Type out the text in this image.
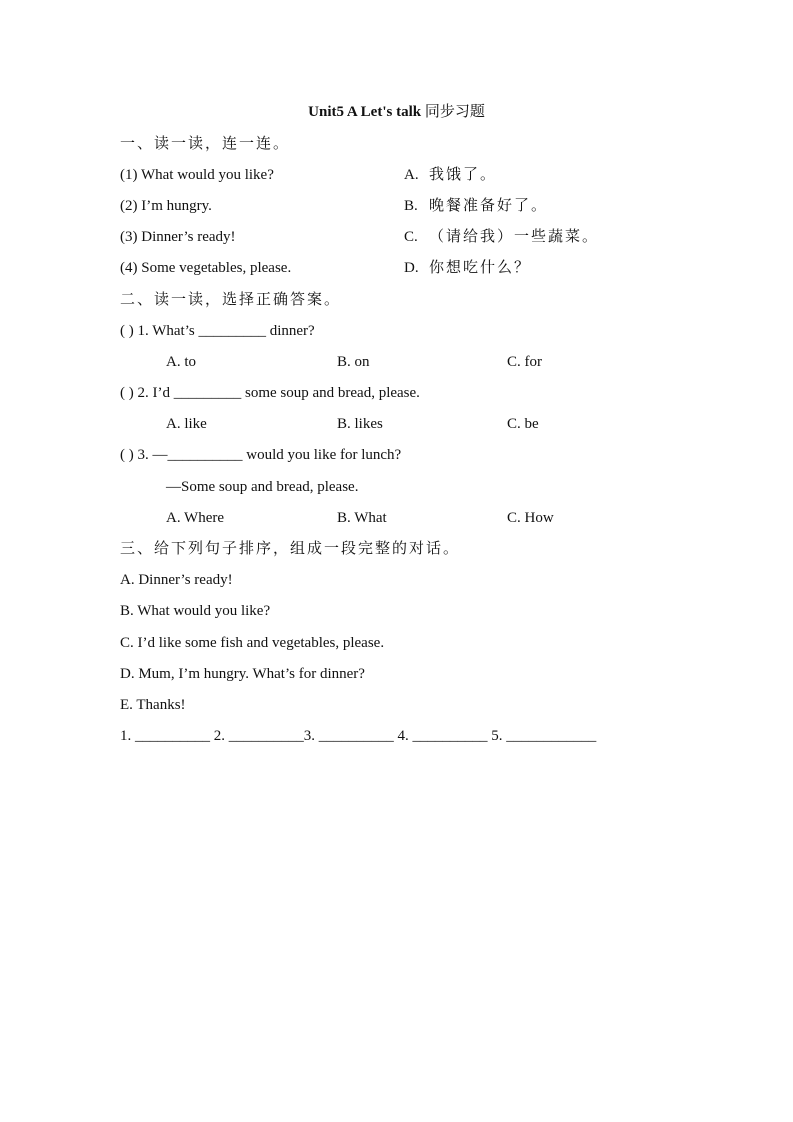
Unit5 A Let's talk 同步习题
一、读一读，连一连。
(1) What would you like?	A. 我饿了。
(2) I’m hungry.	B. 晚餐准备好了。
(3) Dinner’s ready!	C. （请给我）一些蔬菜。
(4) Some vegetables, please.	D. 你想吃什么？
二、读一读，选择正确答案。
( ) 1. What’s _________ dinner?
A. to	B. on	C. for
( ) 2. I’d _________ some soup and bread, please.
A. like	B. likes	C. be
( ) 3. —__________ would you like for lunch?
—Some soup and bread, please.
A. Where	B. What	C. How
三、给下列句子排序，组成一段完整的对话。
A. Dinner’s ready!
B. What would you like?
C. I’d like some fish and vegetables, please.
D. Mum, I’m hungry. What’s for dinner?
E. Thanks!
1. __________ 2. __________3. __________ 4. __________ 5. ____________
